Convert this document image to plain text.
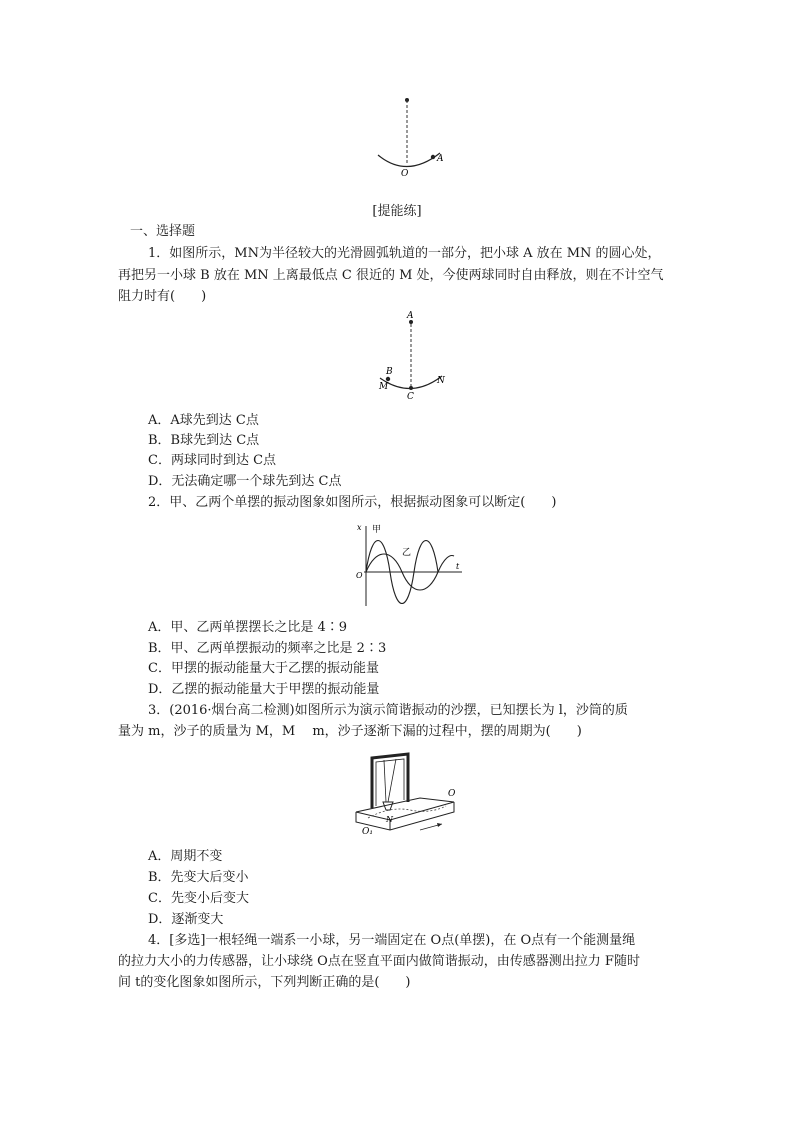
O
A
[提能练]
一、选择题
1．如图所示，MN为半径较大的光滑圆弧轨道的一部分，把小球 A 放在 MN 的圆心处，
再把另一小球 B 放在 MN 上离最低点 C 很近的 M 处，今使两球同时自由释放，则在不计空气
阻力时有(　　)
A
B
M
N
C
A．A球先到达 C点
B．B球先到达 C点
C．两球同时到达 C点
D．无法确定哪一个球先到达 C点
2．甲、乙两个单摆的振动图象如图所示，根据振动图象可以断定(　　)
x
t
O
甲
乙
A．甲、乙两单摆摆长之比是 4∶9
B．甲、乙两单摆振动的频率之比是 2∶3
C．甲摆的振动能量大于乙摆的振动能量
D．乙摆的振动能量大于甲摆的振动能量
3．(2016·烟台高二检测)如图所示为演示简谐振动的沙摆，已知摆长为 l，沙筒的质
量为 m，沙子的质量为 M，M　 m，沙子逐渐下漏的过程中，摆的周期为(　　)
O
O₁
N
A．周期不变
B．先变大后变小
C．先变小后变大
D．逐渐变大
4．[多选]一根轻绳一端系一小球，另一端固定在 O点(单摆)，在 O点有一个能测量绳
的拉力大小的力传感器，让小球绕 O点在竖直平面内做简谐振动，由传感器测出拉力 F随时
间 t的变化图象如图所示，下列判断正确的是(　　)
